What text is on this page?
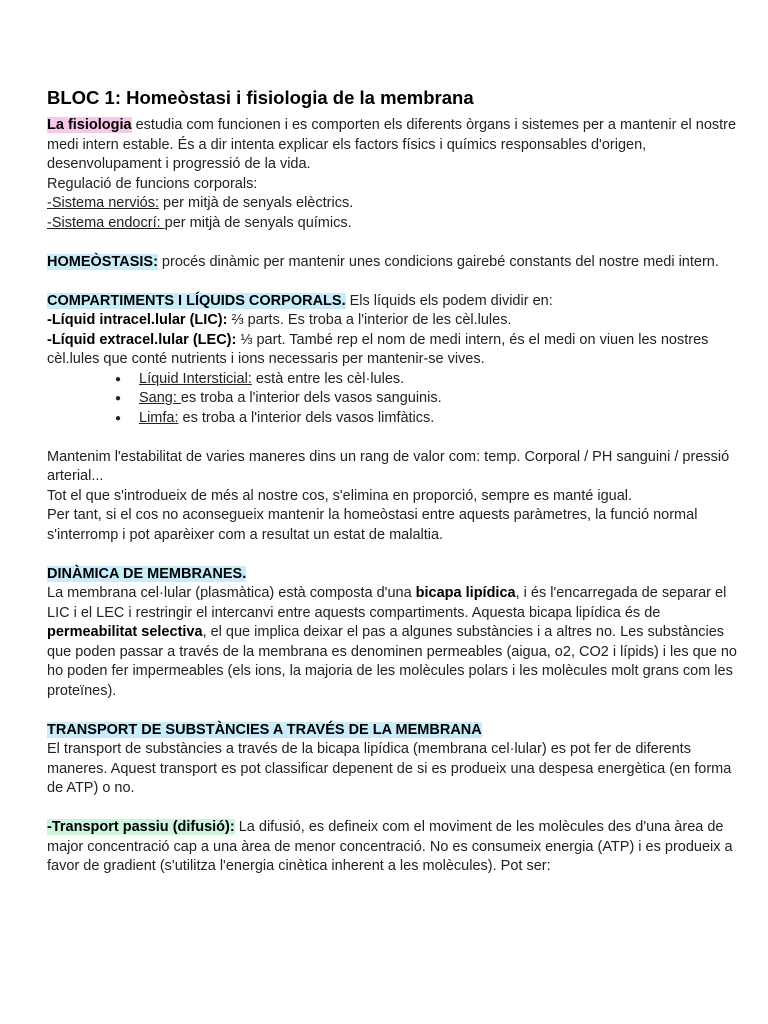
BLOC 1: Homeòstasi i fisiologia de la membrana

La fisiologia estudia com funcionen i es comporten els diferents òrgans i sistemes per a mantenir el nostre medi intern estable. És a dir intenta explicar els factors físics i químics responsables d'origen, desenvolupament i progressió de la vida.

Regulació de funcions corporals:

-Sistema nerviós: per mitjà de senyals elèctrics.

-Sistema endocrí: per mitjà de senyals químics.

HOMEÒSTASIS: procés dinàmic per mantenir unes condicions gairebé constants del nostre medi intern.

COMPARTIMENTS I LÍQUIDS CORPORALS. Els líquids els podem dividir en:

-Líquid intracel.lular (LIC): ⅔ parts. Es troba a l'interior de les cèl.lules.

-Líquid extracel.lular (LEC): ⅓ part. També rep el nom de medi intern, és el medi on viuen les nostres cèl.lules que conté nutrients i ions necessaris per mantenir-se vives.

● Líquid Intersticial: està entre les cèl·lules.
● Sang: es troba a l'interior dels vasos sanguinis.
● Limfa: es troba a l'interior dels vasos limfàtics.

Mantenim l'estabilitat de varies maneres dins un rang de valor com: temp. Corporal / PH sanguini / pressió arterial...

Tot el que s'introdueix de més al nostre cos, s'elimina en proporció, sempre es manté igual.

Per tant, si el cos no aconsegueix mantenir la homeòstasi entre aquests paràmetres, la funció normal s'interromp i pot aparèixer com a resultat un estat de malaltia.

DINÀMICA DE MEMBRANES.

La membrana cel·lular (plasmàtica) està composta d'una bicapa lipídica, i és l'encarregada de separar el LIC i el LEC i restringir el intercanvi entre aquests compartiments. Aquesta bicapa lipídica és de permeabilitat selectiva, el que implica deixar el pas a algunes substàncies i a altres no. Les substàncies que poden passar a través de la membrana es denominen permeables (aigua, o2, CO2 i lípids) i les que no ho poden fer impermeables (els ions, la majoria de les molècules polars i les molècules molt grans com les proteïnes).

TRANSPORT DE SUBSTÀNCIES A TRAVÉS DE LA MEMBRANA

El transport de substàncies a través de la bicapa lipídica (membrana cel·lular) es pot fer de diferents maneres. Aquest transport es pot classificar depenent de si es produeix una despesa energètica (en forma de ATP) o no.

-Transport passiu (difusió): La difusió, es defineix com el moviment de les molècules des d'una àrea de major concentració cap a una àrea de menor concentració. No es consumeix energia (ATP) i es produeix a favor de gradient (s'utilitza l'energia cinètica inherent a les molècules). Pot ser:
